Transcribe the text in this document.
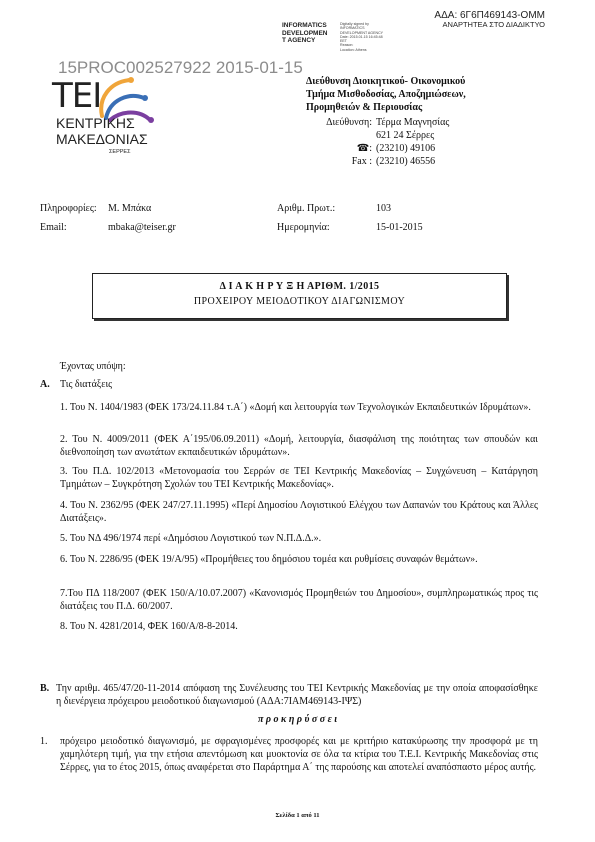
INFORMATICS
DEVELOPMEN
T AGENCY
Digitally signed by
INFORMATICS
DEVELOPMENT AGENCY
Date: 2015.01.15 16:45:48
EET
Reason:
Location: Athens
ΑΔΑ: 6Γ6Π469143-ΟΜΜ
ΑΝΑΡΤΗΤΕΑ ΣΤΟ ΔΙΑΔΙΚΤΥΟ
ΤΕΙ
ΚΕΝΤΡΙΚΗΣ
ΜΑΚΕΔΟΝΙΑΣ
ΣΕΡΡΕΣ
15PROC002527922 2015-01-15
Διεύθυνση Διοικητικού- Οικονομικού
Τμήμα Μισθοδοσίας, Αποζημιώσεων,
Προμηθειών & Περιουσίας
Διεύθυνση: Τέρμα Μαγνησίας
621 24 Σέρρες
☎: (23210) 49106
Fax : (23210) 46556
Πληροφορίες: Μ. Μπάκα	Αριθμ. Πρωτ.:	103
Email:	mbaka@teiser.gr	Ημερομηνία:	15-01-2015
Δ Ι Α Κ Η Ρ Υ Ξ Η ΑΡΙΘΜ. 1/2015
ΠΡΟΧΕΙΡΟΥ ΜΕΙΟΔΟΤΙΚΟΥ ΔΙΑΓΩΝΙΣΜΟΥ
Έχοντας υπόψη:
Α. Τις διατάξεις
1. Του Ν. 1404/1983 (ΦΕΚ 173/24.11.84 τ.Α΄) «Δομή και λειτουργία των Τεχνολογικών Εκπαιδευτικών Ιδρυμάτων».
2. Του Ν. 4009/2011 (ΦΕΚ Α΄195/06.09.2011) «Δομή, λειτουργία, διασφάλιση της ποιότητας των σπουδών και διεθνοποίηση των ανωτάτων εκπαιδευτικών ιδρυμάτων».
3. Του Π.Δ. 102/2013 «Μετονομασία του Σερρών σε ΤΕΙ Κεντρικής Μακεδονίας – Συγχώνευση – Κατάργηση Τμημάτων – Συγκρότηση Σχολών του ΤΕΙ Κεντρικής Μακεδονίας».
4. Του Ν. 2362/95 (ΦΕΚ 247/27.11.1995) «Περί Δημοσίου Λογιστικού Ελέγχου των Δαπανών του Κράτους και Άλλες Διατάξεις».
5. Του ΝΔ 496/1974 περί «Δημόσιου Λογιστικού των Ν.Π.Δ.Δ.».
6. Του Ν. 2286/95 (ΦΕΚ 19/Α/95) «Προμήθειες του δημόσιου τομέα και ρυθμίσεις συναφών θεμάτων».
7.Του ΠΔ 118/2007 (ΦΕΚ 150/Α/10.07.2007) «Κανονισμός Προμηθειών του Δημοσίου», συμπληρωματικώς προς τις διατάξεις του Π.Δ. 60/2007.
8. Του Ν. 4281/2014, ΦΕΚ 160/Α/8-8-2014.
Β. Την αριθμ. 465/47/20-11-2014 απόφαση της Συνέλευσης του ΤΕΙ Κεντρικής Μακεδονίας με την οποία αποφασίσθηκε η διενέργεια πρόχειρου μειοδοτικού διαγωνισμού (ΑΔΑ:7ΙΑΜ469143-ΙΨΣ)
π ρ ο κ η ρ ύ σ σ ε ι
1. πρόχειρο μειοδοτικό διαγωνισμό, με σφραγισμένες προσφορές και με κριτήριο κατακύρωσης την προσφορά με τη χαμηλότερη τιμή, για την ετήσια απεντόμωση και μυοκτονία σε όλα τα κτίρια του Τ.Ε.Ι. Κεντρικής Μακεδονίας στις Σέρρες, για το έτος 2015, όπως αναφέρεται στο Παράρτημα Α΄ της παρούσης και αποτελεί αναπόσπαστο μέρος αυτής.
Σελίδα 1 από 11
